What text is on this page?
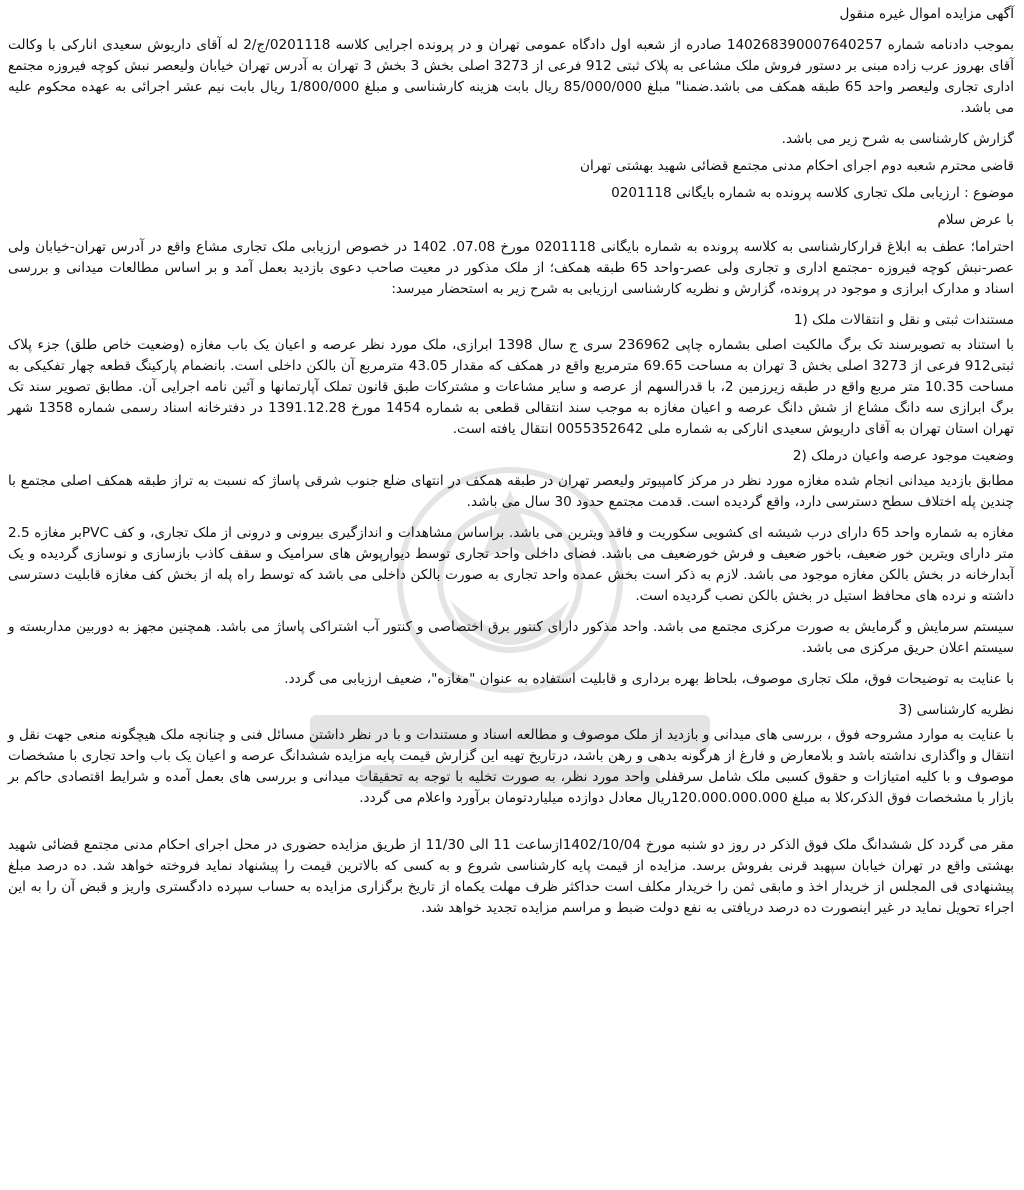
آگهی مزایده اموال غیره منقول

بموجب دادنامه شماره 140268390007640257 صادره از شعبه اول دادگاه عمومی تهران و در پرونده اجرایی کلاسه 0201118/ج/2 له آقای داریوش سعیدی انارکی با وکالت آقای بهروز عرب زاده مبنی بر دستور فروش ملک مشاعی به پلاک ثبتی 912 فرعی از 3273 اصلی بخش 3 بخش 3 تهران به آدرس تهران خیابان ولیعصر نبش کوچه فیروزه مجتمع اداری تجاری ولیعصر واحد 65 طبقه همکف می باشد.ضمنا" مبلغ 85/000/000 ریال بابت هزینه کارشناسی و مبلغ 1/800/000 ریال بابت نیم عشر اجرائی به عهده محکوم علیه می باشد.

گزارش کارشناسی به شرح زیر می باشد.

قاضی محترم شعبه دوم اجرای احکام مدنی مجتمع قضائی شهید بهشتی تهران

موضوع : ارزیابی ملک تجاری کلاسه پرونده به شماره بایگانی 0201118

با عرض سلام

احتراما؛ عطف به ابلاغ قرارکارشناسی به کلاسه پرونده به شماره بایگانی 0201118 مورخ 07.08. 1402 در خصوص ارزیابی ملک تجاری مشاع واقع در آدرس تهران-خیابان ولی عصر-نبش کوچه فیروزه -مجتمع اداری و تجاری ولی عصر-واحد 65 طبقه همکف؛ از ملک مذکور در معیت صاحب دعوی بازدید بعمل آمد و بر اساس مطالعات میدانی و بررسی اسناد و مدارک ابرازی و موجود در پرونده، گزارش و نظریه کارشناسی ارزیابی به شرح زیر به استحضار میرسد:

مستندات ثبتی و نقل و انتقالات ملک (1

با استناد به تصویرسند تک برگ مالکیت اصلی بشماره چاپی 236962 سری ج سال 1398 ابرازی، ملک مورد نظر عرصه و اعیان یک باب مغازه (وضعیت خاص طلق) جزء پلاک ثبتی912 فرعی از 3273 اصلی بخش 3 تهران به مساحت 69.65 مترمربع واقع در همکف که مقدار 43.05 مترمربع آن بالکن داخلی است. بانضمام پارکینگ قطعه چهار تفکیکی به مساحت 10.35 متر مربع واقع در طبقه زیرزمین 2، با قدرالسهم از عرصه و سایر مشاعات و مشترکات طبق قانون تملک آپارتمانها و آئین نامه اجرایی آن. مطابق تصویر سند تک برگ ابرازی سه دانگ مشاع از شش دانگ عرصه و اعیان مغازه به موجب سند انتقالی قطعی به شماره 1454 مورخ 1391.12.28 در دفترخانه اسناد رسمی شماره 1358 شهر تهران استان تهران به آقای داریوش سعیدی انارکی به شماره ملی 0055352642 انتقال یافته است.

وضعیت موجود عرصه واعیان درملک (2

مطابق بازدید میدانی انجام شده مغازه مورد نظر در مرکز کامپیوتر ولیعصر تهران در طبقه همکف در انتهای ضلع جنوب شرقی پاساژ که نسبت به تراز طبقه همکف اصلی مجتمع با چندین پله اختلاف سطح دسترسی دارد، واقع گردیده است. قدمت مجتمع حدود 30 سال می باشد.

مغازه به شماره واحد 65 دارای درب شیشه ای کشویی سکوریت و فاقد ویترین می باشد. براساس مشاهدات و اندازگیری بیرونی و درونی از ملک تجاری، و کف PVCبر مغازه 2.5 متر دارای ویترین خور ضعیف، باخور ضعیف و فرش خورضعیف می باشد. فضای داخلی واحد تجاری توسط دیوارپوش های سرامیک و سقف کاذب بازسازی و نوسازی گردیده و یک آبدارخانه در بخش بالکن مغازه موجود می باشد. لازم به ذکر است بخش عمده واحد تجاری به صورت بالکن داخلی می باشد که توسط راه پله از بخش کف مغازه قابلیت دسترسی داشته و نرده های محافظ استیل در بخش بالکن نصب گردیده است.

سیستم سرمایش و گرمایش به صورت مرکزی مجتمع می باشد. واحد مذکور دارای کنتور برق اختصاصی و کنتور آب اشتراکی پاساژ می باشد. همچنین مجهز به دوربین مداربسته و سیستم اعلان حریق مرکزی می باشد.

با عنایت به توضیحات فوق، ملک تجاری موصوف، بلحاظ بهره برداری و قابلیت استفاده به عنوان "مغازه"، ضعیف ارزیابی می گردد.

نظریه کارشناسی (3

با عنایت به موارد مشروحه فوق ، بررسی های میدانی و بازدید از ملک موصوف و مطالعه اسناد و مستندات و با در نظر داشتن مسائل فنی و چنانچه ملک هیچگونه منعی جهت نقل و انتقال و واگذاری نداشته باشد و بلامعارض و فارغ از هرگونه بدهی و رهن باشد، درتاریخ تهیه این گزارش قیمت پایه مزایده ششدانگ عرصه و اعیان یک باب واحد تجاری با مشخصات موصوف و با کلیه امتیازات و حقوق کسبی ملک شامل سرقفلی واحد مورد نظر، به صورت تخلیه با توجه به تحقیقات میدانی و بررسی های بعمل آمده و شرایط اقتصادی حاکم بر بازار با مشخصات فوق الذکر،کلا به مبلغ 120.000.000.000ریال معادل دوازده میلیاردتومان برآورد واعلام می گردد.

مقر می گردد کل ششدانگ ملک فوق الذکر در روز دو شنبه مورخ 1402/10/04ازساعت 11 الی 11/30 از طریق مزایده حضوری در محل اجرای احکام مدنی مجتمع قضائی شهید بهشتی واقع در تهران خیابان سپهبد قرنی بفروش برسد. مزایده از قیمت پایه کارشناسی شروع و به کسی که بالاترین قیمت را پیشنهاد نماید فروخته خواهد شد. ده درصد مبلغ پیشنهادی فی المجلس از خریدار اخذ و مابقی ثمن را خریدار مکلف است حداکثر ظرف مهلت یکماه از تاریخ برگزاری مزایده به حساب سپرده دادگستری واریز و قبض آن را به این اجراء تحویل نماید در غیر اینصورت ده درصد دریافتی به نفع دولت ضبط و مراسم مزایده تجدید خواهد شد.
